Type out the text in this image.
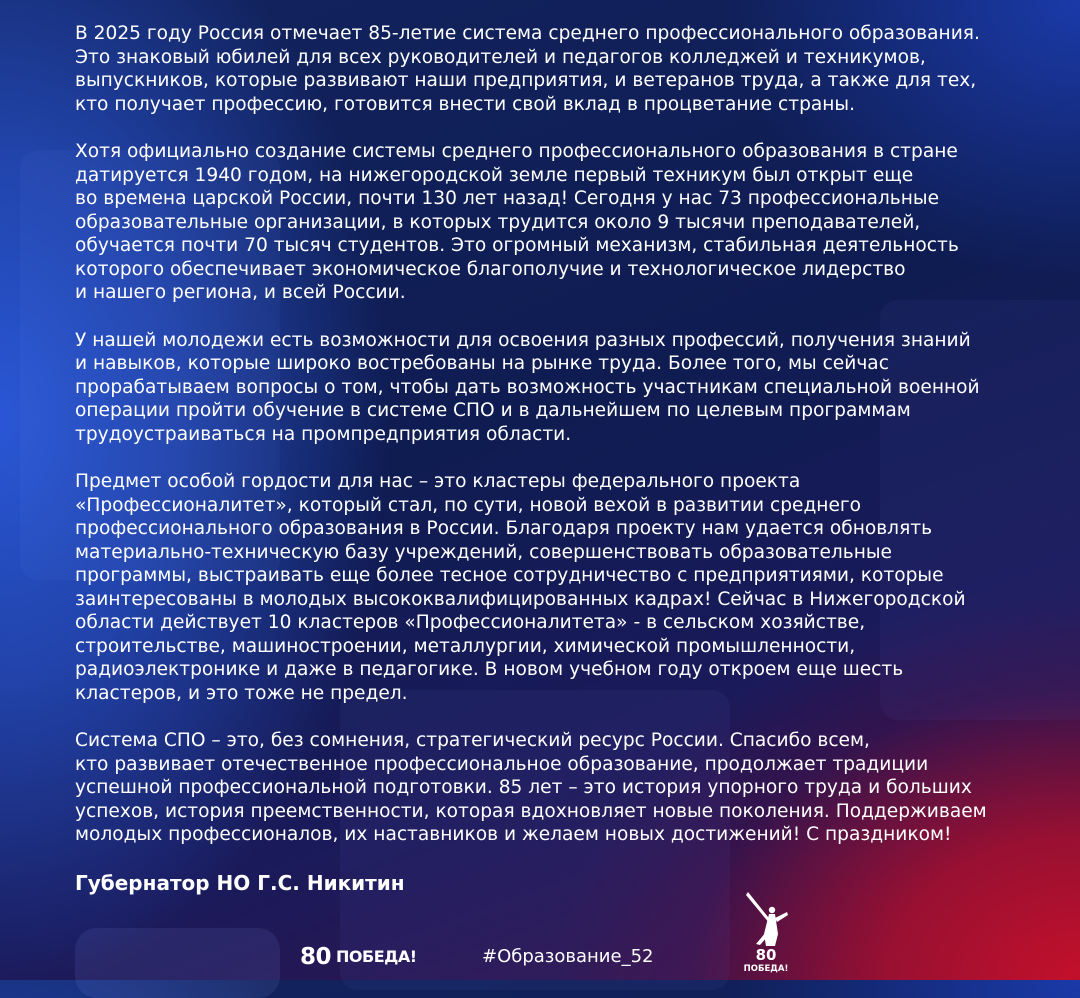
В 2025 году Россия отмечает 85-летие система среднего профессионального образования.
Это знаковый юбилей для всех руководителей и педагогов колледжей и техникумов,
выпускников, которые развивают наши предприятия, и ветеранов труда, а также для тех,
кто получает профессию, готовится внести свой вклад в процветание страны.

Хотя официально создание системы среднего профессионального образования в стране
датируется 1940 годом, на нижегородской земле первый техникум был открыт еще
во времена царской России, почти 130 лет назад! Сегодня у нас 73 профессиональные
образовательные организации, в которых трудится около 9 тысячи преподавателей,
обучается почти 70 тысяч студентов. Это огромный механизм, стабильная деятельность
которого обеспечивает экономическое благополучие и технологическое лидерство
и нашего региона, и всей России.

У нашей молодежи есть возможности для освоения разных профессий, получения знаний
и навыков, которые широко востребованы на рынке труда. Более того, мы сейчас
прорабатываем вопросы о том, чтобы дать возможность участникам специальной военной
операции пройти обучение в системе СПО и в дальнейшем по целевым программам
трудоустраиваться на промпредприятия области.

Предмет особой гордости для нас – это кластеры федерального проекта
«Профессионалитет», который стал, по сути, новой вехой в развитии среднего
профессионального образования в России. Благодаря проекту нам удается обновлять
материально-техническую базу учреждений, совершенствовать образовательные
программы, выстраивать еще более тесное сотрудничество с предприятиями, которые
заинтересованы в молодых высококвалифицированных кадрах! Сейчас в Нижегородской
области действует 10 кластеров «Профессионалитета» - в сельском хозяйстве,
строительстве, машиностроении, металлургии, химической промышленности,
радиоэлектронике и даже в педагогике. В новом учебном году откроем еще шесть
кластеров, и это тоже не предел.

Система СПО – это, без сомнения, стратегический ресурс России. Спасибо всем,
кто развивает отечественное профессиональное образование, продолжает традиции
успешной профессиональной подготовки. 85 лет – это история упорного труда и больших
успехов, история преемственности, которая вдохновляет новые поколения. Поддерживаем
молодых профессионалов, их наставников и желаем новых достижений! С праздником!

Губернатор НО Г.С. Никитин
80 ПОБЕДА!	#Образование_52	80
ПОБЕДА!
